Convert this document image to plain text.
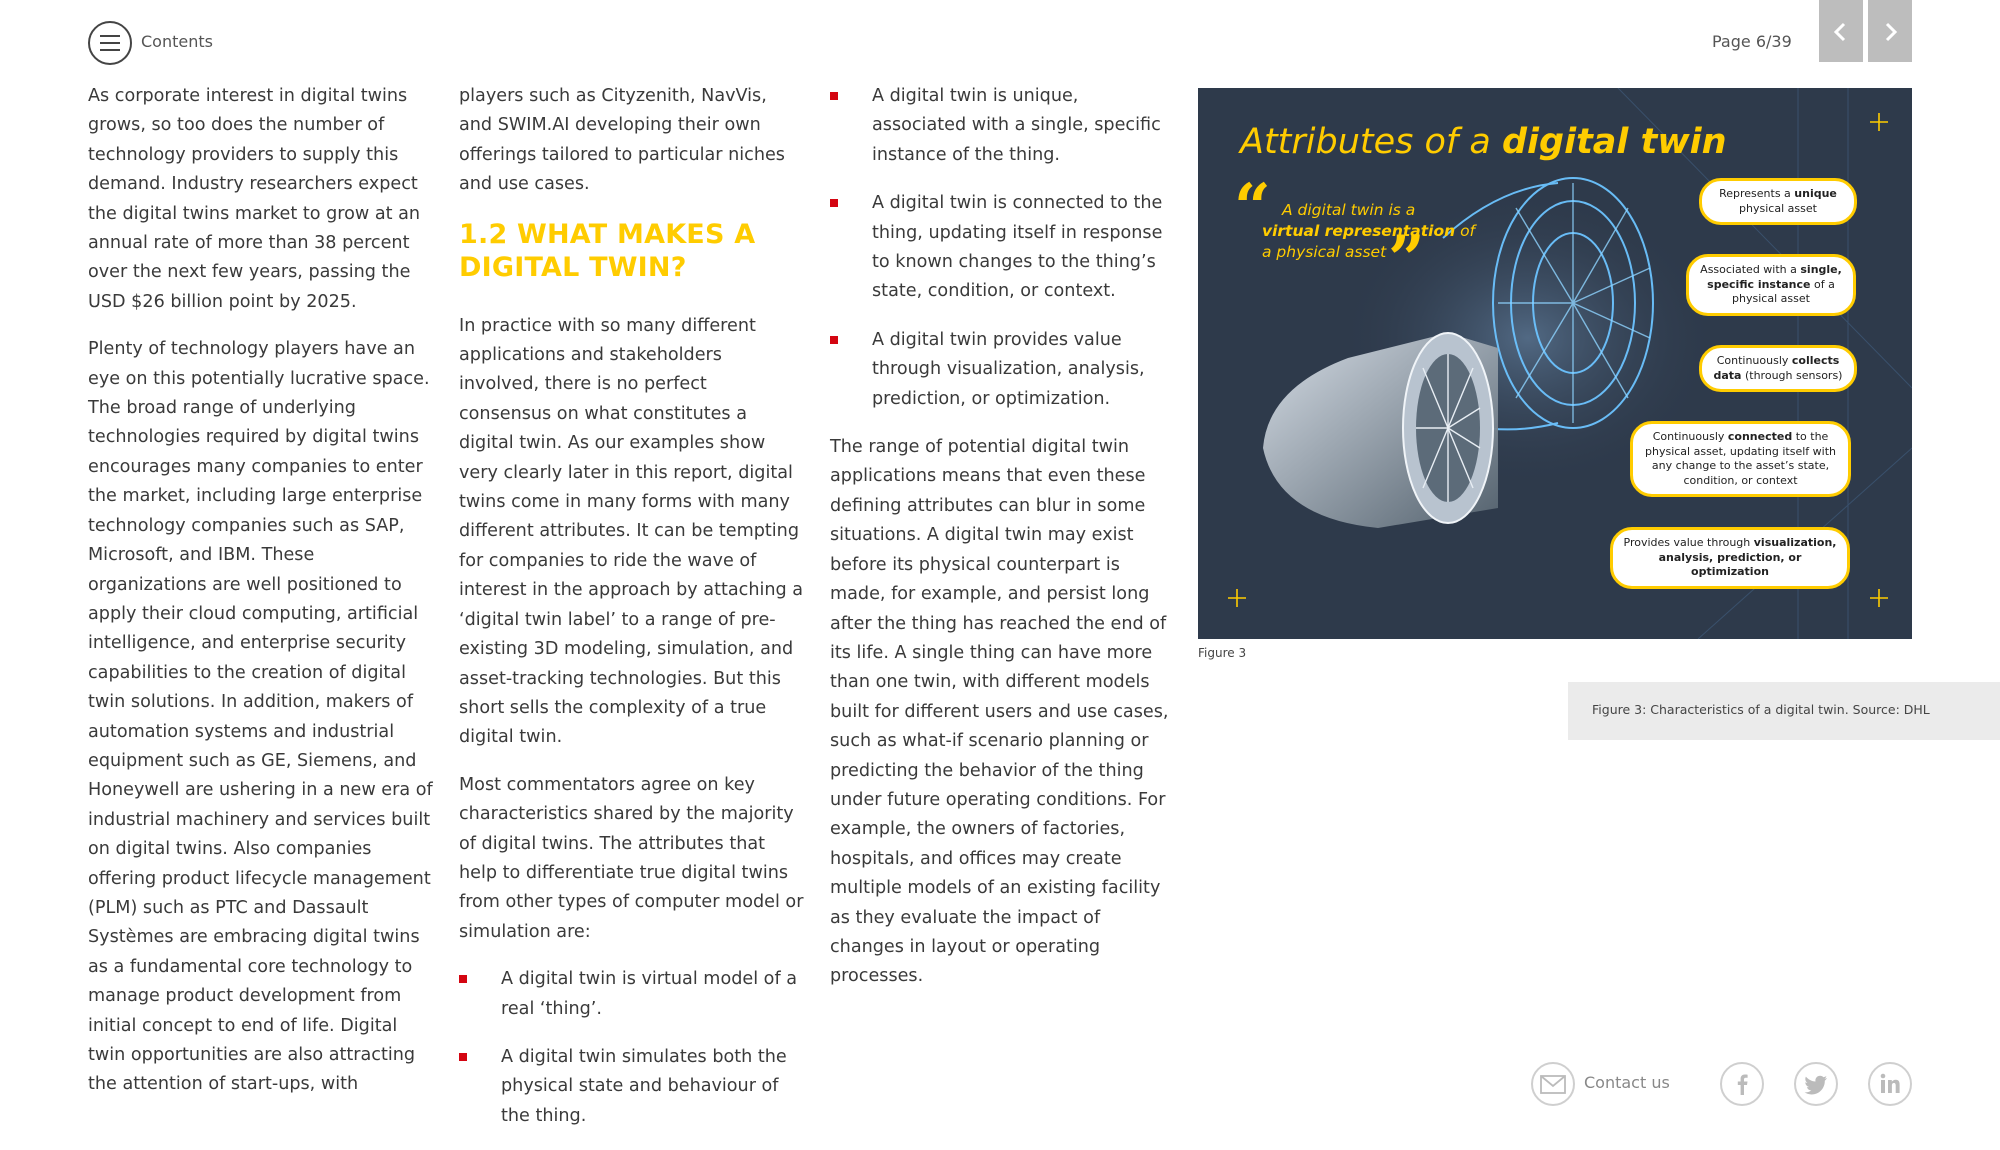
Contents	Page 6/39

As corporate interest in digital twins grows, so too does the number of technology providers to supply this demand. Industry researchers expect the digital twins market to grow at an annual rate of more than 38 percent over the next few years, passing the USD $26 billion point by 2025.

Plenty of technology players have an eye on this potentially lucrative space. The broad range of underlying technologies required by digital twins encourages many companies to enter the market, including large enterprise technology companies such as SAP, Microsoft, and IBM. These organizations are well positioned to apply their cloud computing, artificial intelligence, and enterprise security capabilities to the creation of digital twin solutions. In addition, makers of automation systems and industrial equipment such as GE, Siemens, and Honeywell are ushering in a new era of industrial machinery and services built on digital twins. Also companies offering product lifecycle management (PLM) such as PTC and Dassault Systèmes are embracing digital twins as a fundamental core technology to manage product development from initial concept to end of life. Digital twin opportunities are also attracting the attention of start-ups, with

players such as Cityzenith, NavVis, and SWIM.AI developing their own offerings tailored to particular niches and use cases.

1.2 WHAT MAKES A DIGITAL TWIN?

In practice with so many different applications and stakeholders involved, there is no perfect consensus on what constitutes a digital twin. As our examples show very clearly later in this report, digital twins come in many forms with many different attributes. It can be tempting for companies to ride the wave of interest in the approach by attaching a ‘digital twin label’ to a range of pre-existing 3D modeling, simulation, and asset-tracking technologies. But this short sells the complexity of a true digital twin.

Most commentators agree on key characteristics shared by the majority of digital twins. The attributes that help to differentiate true digital twins from other types of computer model or simulation are:

A digital twin is virtual model of a real ‘thing’.
A digital twin simulates both the physical state and behaviour of the thing.
A digital twin is unique, associated with a single, specific instance of the thing.
A digital twin is connected to the thing, updating itself in response to known changes to the thing’s state, condition, or context.
A digital twin provides value through visualization, analysis, prediction, or optimization.

The range of potential digital twin applications means that even these defining attributes can blur in some situations. A digital twin may exist before its physical counterpart is made, for example, and persist long after the thing has reached the end of its life. A single thing can have more than one twin, with different models built for different users and use cases, such as what-if scenario planning or predicting the behavior of the thing under future operating conditions. For example, the owners of factories, hospitals, and offices may create multiple models of an existing facility as they evaluate the impact of changes in layout or operating processes.

Attributes of a digital twin
“ A digital twin is a
virtual representation of
a physical asset ”
Represents a unique
physical asset
Associated with a single, specific instance of a physical asset
Continuously collects data (through sensors)
Continuously connected to the physical asset, updating itself with any change to the asset’s state, condition, or context
Provides value through visualization, analysis, prediction, or optimization
Figure 3
Figure 3: Characteristics of a digital twin. Source: DHL
Contact us
